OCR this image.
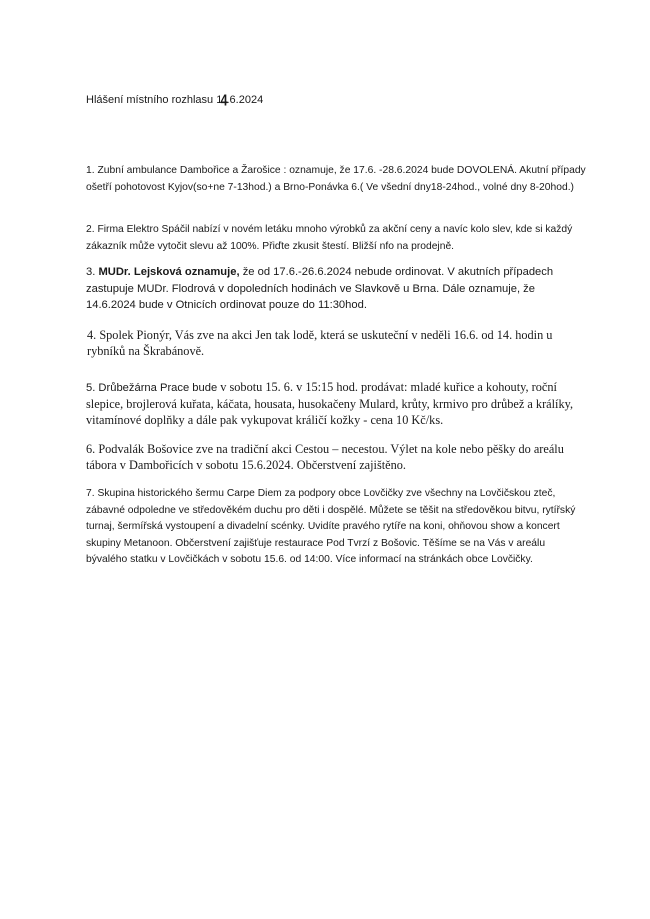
Hlášení místního rozhlasu 14.6.2024

1. Zubní ambulance Dambořice a Žarošice : oznamuje, že 17.6. -28.6.2024 bude DOVOLENÁ. Akutní případy ošetří pohotovost Kyjov(so+ne 7-13hod.) a Brno-Ponávka 6.( Ve všední dny18-24hod., volné dny 8-20hod.)

2. Firma Elektro Spáčil nabízí v novém letáku mnoho výrobků za akční ceny a navíc kolo slev, kde si každý zákazník může vytočit slevu až 100%. Přiďte zkusit štestí. Bližší nfo na prodejně.

3. MUDr. Lejsková oznamuje, že od 17.6.-26.6.2024 nebude ordinovat. V akutních případech zastupuje MUDr. Flodrová v dopoledních hodinách ve Slavkově u Brna. Dále oznamuje, že 14.6.2024 bude v Otnicích ordinovat pouze do 11:30hod.

4. Spolek Pionýr, Vás zve na akci Jen tak lodě, která se uskuteční v neděli 16.6. od 14. hodin u rybníků na Škrabánově.

5. Drůbežárna Prace bude v sobotu 15. 6. v 15:15 hod. prodávat: mladé kuřice a kohouty, roční slepice, brojlerová kuřata, káčata, housata, husokačeny Mulard, krůty, krmivo pro drůbež a králíky, vitamínové doplňky a dále pak vykupovat králičí kožky - cena 10 Kč/ks.

6. Podvalák Bošovice zve na tradiční akci Cestou – necestou. Výlet na kole nebo pěšky do areálu tábora v Dambořicích v sobotu 15.6.2024. Občerstvení zajištěno.

7. Skupina historického šermu Carpe Diem za podpory obce Lovčičky zve všechny na Lovčičskou zteč, zábavné odpoledne ve středověkém duchu pro děti i dospělé. Můžete se těšit na středověkou bitvu, rytířský turnaj, šermířská vystoupení a divadelní scénky. Uvidíte pravého rytíře na koni, ohňovou show a koncert skupiny Metanoon. Občerstvení zajišťuje restaurace Pod Tvrzí z Bošovic. Těšíme se na Vás v areálu bývalého statku v Lovčičkách v sobotu 15.6. od 14:00. Více informací na stránkách obce Lovčičky.
